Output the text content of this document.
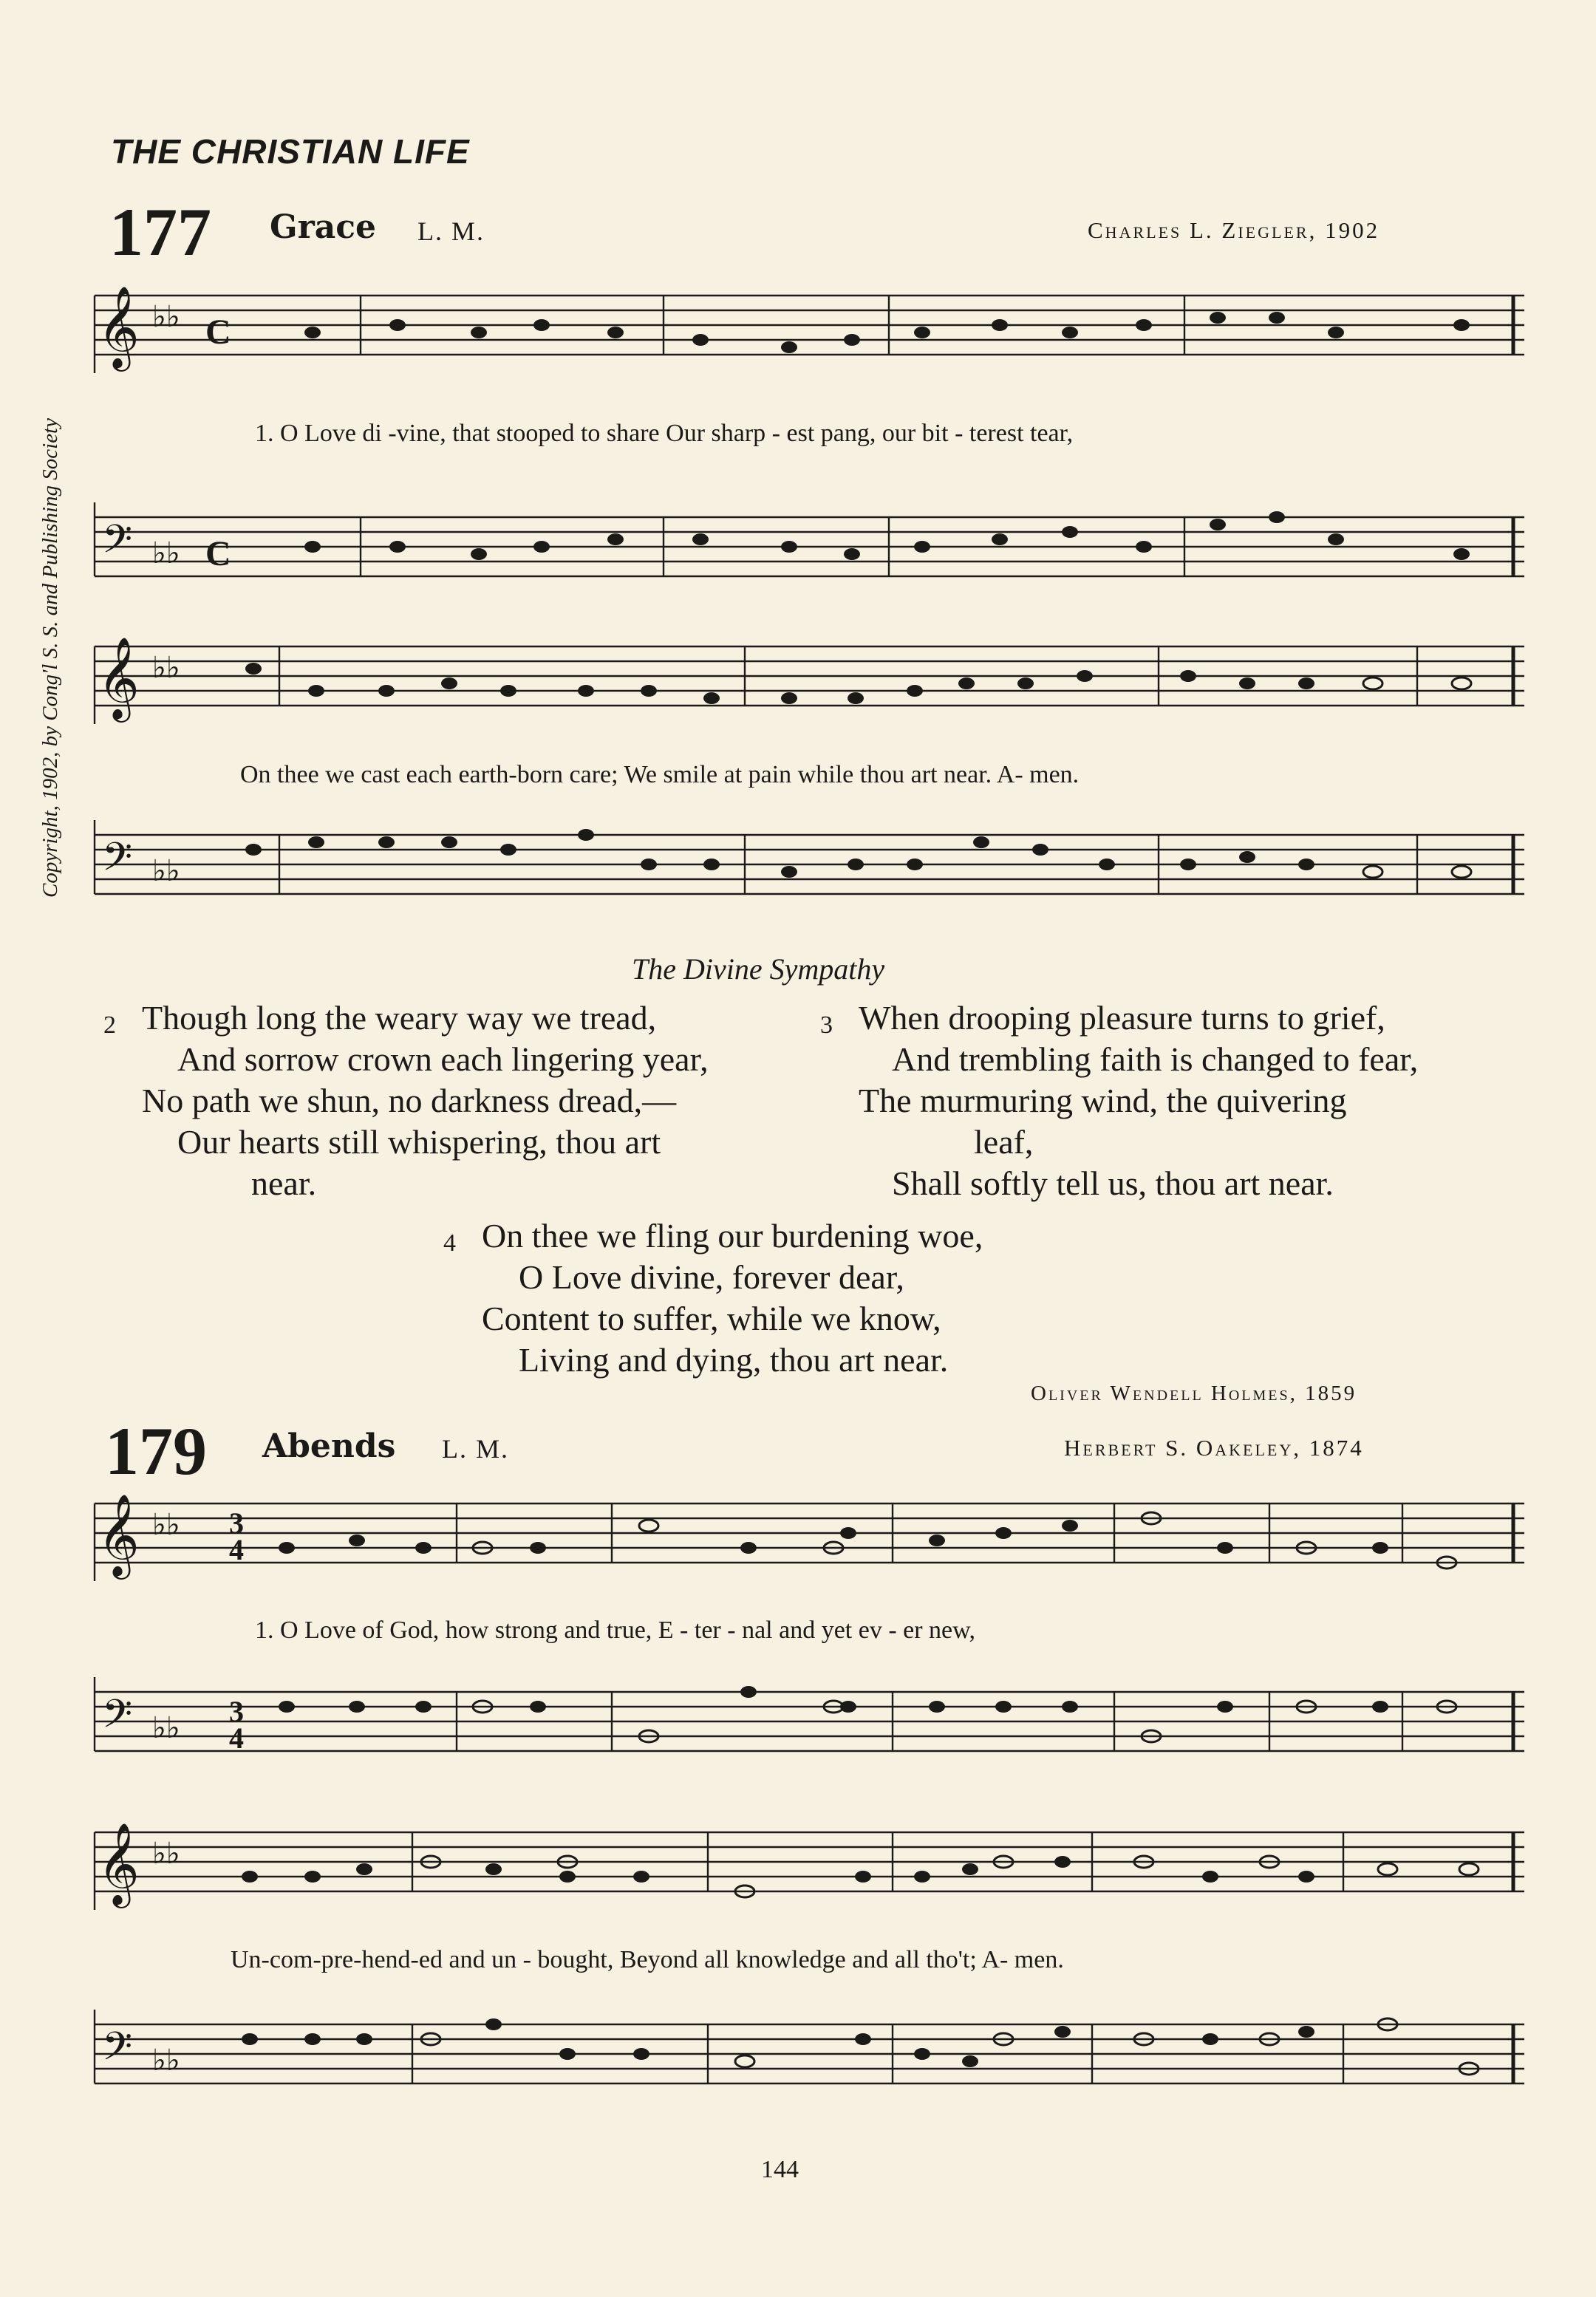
THE CHRISTIAN LIFE
Copyright, 1902, by Cong'l S. S. and Publishing Society
177 Grace L. M.	Charles L. Ziegler, 1902
𝄞 ♭♭ C
1. O Love di -vine, that stooped to share Our sharp - est pang, our bit - terest tear,
𝄢 ♭♭ C
𝄞 ♭♭
On thee we cast each earth-born care; We smile at pain while thou art near. A- men.
𝄢 ♭♭
The Divine Sympathy
2 Though long the weary way we tread,
And sorrow crown each lingering year,
No path we shun, no darkness dread,—
Our hearts still whispering, thou art
near.
3 When drooping pleasure turns to grief,
And trembling faith is changed to fear,
The murmuring wind, the quivering
leaf,
Shall softly tell us, thou art near.
4 On thee we fling our burdening woe,
O Love divine, forever dear,
Content to suffer, while we know,
Living and dying, thou art near.
Oliver Wendell Holmes, 1859
179 Abends L. M.	Herbert S. Oakeley, 1874
𝄞 ♭♭ 3
4
1. O Love of God, how strong and true, E - ter - nal and yet ev - er new,
𝄢 ♭♭ 3
4
𝄞 ♭♭
Un-com-pre-hend-ed and un - bought, Beyond all knowledge and all tho't; A- men.
𝄢 ♭♭
144
